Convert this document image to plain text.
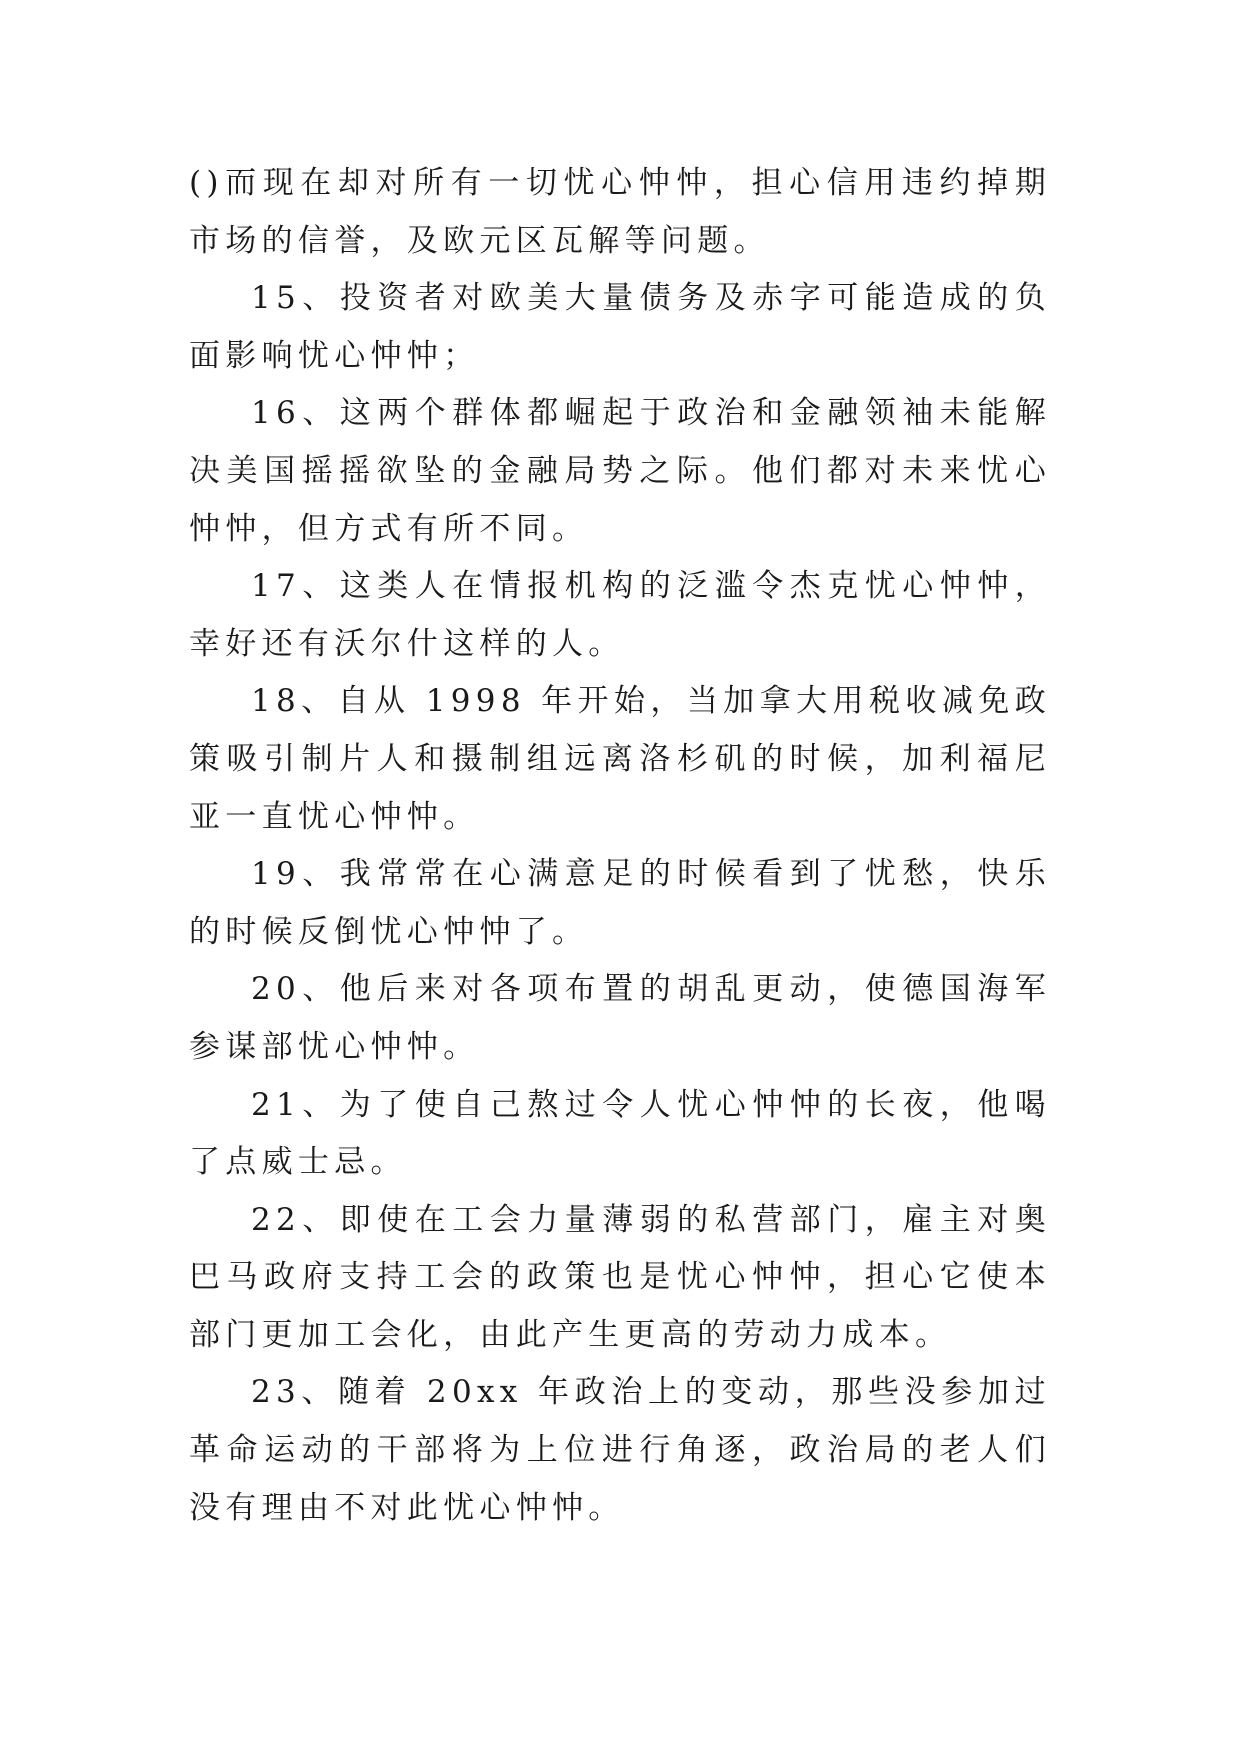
()而现在却对所有一切忧心忡忡，担心信用违约掉期市场的信誉，及欧元区瓦解等问题。

15、投资者对欧美大量债务及赤字可能造成的负面影响忧心忡忡；

16、这两个群体都崛起于政治和金融领袖未能解决美国摇摇欲坠的金融局势之际。他们都对未来忧心忡忡，但方式有所不同。

17、这类人在情报机构的泛滥令杰克忧心忡忡，幸好还有沃尔什这样的人。

18、自从 1998 年开始，当加拿大用税收减免政策吸引制片人和摄制组远离洛杉矶的时候，加利福尼亚一直忧心忡忡。

19、我常常在心满意足的时候看到了忧愁，快乐的时候反倒忧心忡忡了。

20、他后来对各项布置的胡乱更动，使德国海军参谋部忧心忡忡。

21、为了使自己熬过令人忧心忡忡的长夜，他喝了点威士忌。

22、即使在工会力量薄弱的私营部门，雇主对奥巴马政府支持工会的政策也是忧心忡忡，担心它使本部门更加工会化，由此产生更高的劳动力成本。

23、随着 20xx 年政治上的变动，那些没参加过革命运动的干部将为上位进行角逐，政治局的老人们没有理由不对此忧心忡忡。
